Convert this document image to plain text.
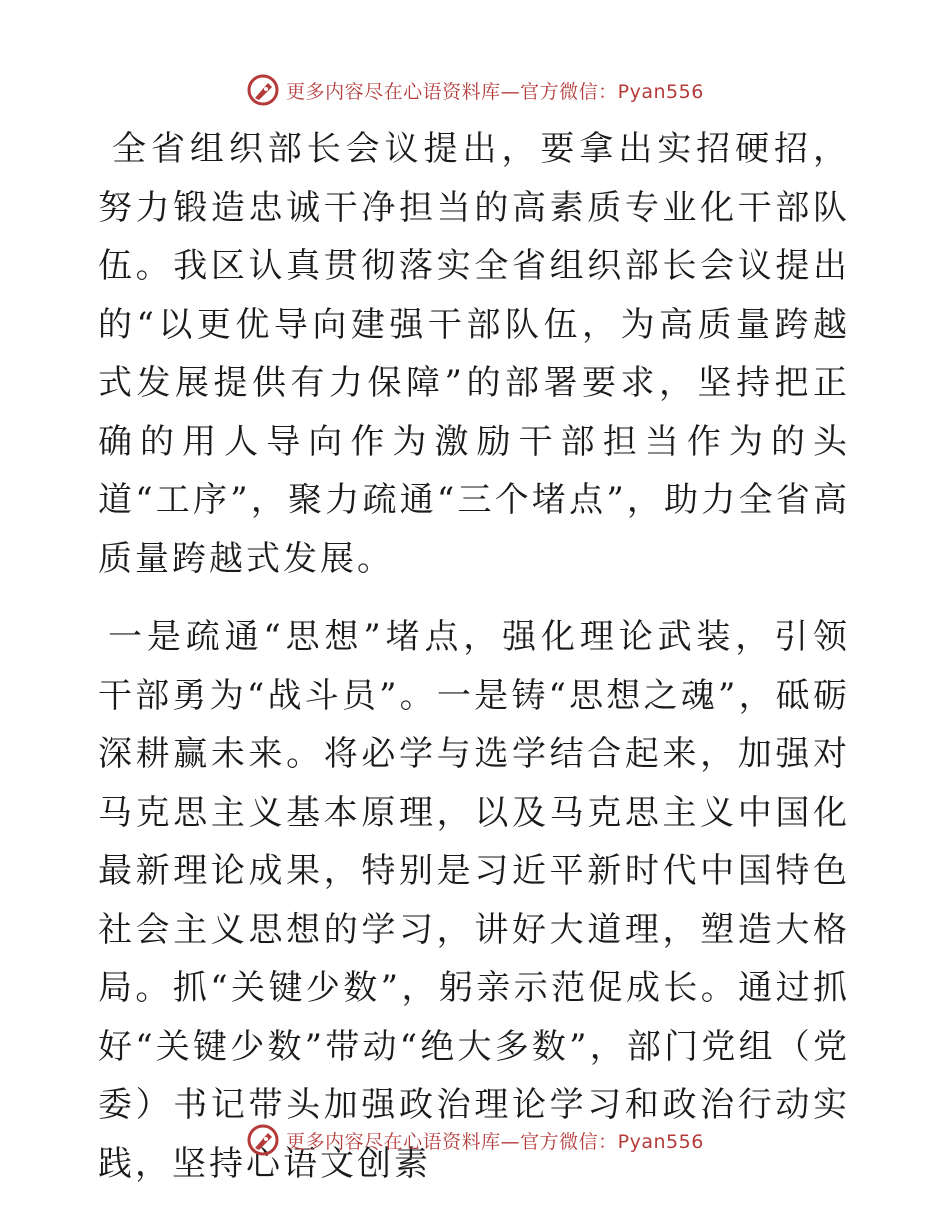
更多内容尽在心语资料库—官方微信：Pyan556

全省组织部长会议提出，要拿出实招硬招，努力锻造忠诚干净担当的高素质专业化干部队伍。我区认真贯彻落实全省组织部长会议提出的“以更优导向建强干部队伍，为高质量跨越式发展提供有力保障”的部署要求，坚持把正确的用人导向作为激励干部担当作为的头道“工序”，聚力疏通“三个堵点”，助力全省高质量跨越式发展。

一是疏通“思想”堵点，强化理论武装，引领干部勇为“战斗员”。一是铸“思想之魂”，砥砺深耕赢未来。将必学与选学结合起来，加强对马克思主义基本原理，以及马克思主义中国化最新理论成果，特别是习近平新时代中国特色社会主义思想的学习，讲好大道理，塑造大格局。抓“关键少数”，躬亲示范促成长。通过抓好“关键少数”带动“绝大多数”，部门党组（党委）书记带头加强政治理论学习和政治行动实践，坚持心语文创素

更多内容尽在心语资料库—官方微信：Pyan556
